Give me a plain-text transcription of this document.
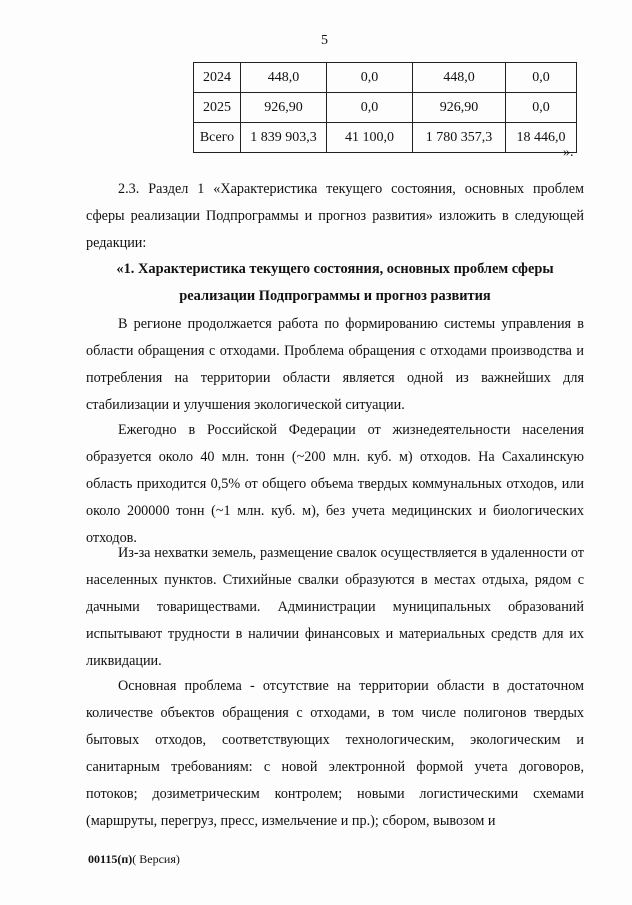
5
2024	448,0	0,0	448,0	0,0
2025	926,90	0,0	926,90	0,0
Всего	1 839 903,3	41 100,0	1 780 357,3	18 446,0
».

2.3. Раздел 1 «Характеристика текущего состояния, основных проблем сферы реализации Подпрограммы и прогноз развития» изложить в следующей редакции:

«1. Характеристика текущего состояния, основных проблем сферы
реализации Подпрограммы и прогноз развития

В регионе продолжается работа по формированию системы управления в области обращения с отходами. Проблема обращения с отходами производства и потребления на территории области является одной из важнейших для стабилизации и улучшения экологической ситуации.

Ежегодно в Российской Федерации от жизнедеятельности населения образуется около 40 млн. тонн (~200 млн. куб. м) отходов. На Сахалинскую область приходится 0,5% от общего объема твердых коммунальных отходов, или около 200000 тонн (~1 млн. куб. м), без учета медицинских и биологических отходов.

Из-за нехватки земель, размещение свалок осуществляется в удаленности от населенных пунктов. Стихийные свалки образуются в местах отдыха, рядом с дачными товариществами. Администрации муниципальных образований испытывают трудности в наличии финансовых и материальных средств для их ликвидации.

Основная проблема - отсутствие на территории области в достаточном количестве объектов обращения с отходами, в том числе полигонов твердых бытовых отходов, соответствующих технологическим, экологическим и санитарным требованиям: с новой электронной формой учета договоров, потоков; дозиметрическим контролем; новыми логистическими схемами (маршруты, перегруз, пресс, измельчение и пр.); сбором, вывозом и

00115(п)( Версия)
